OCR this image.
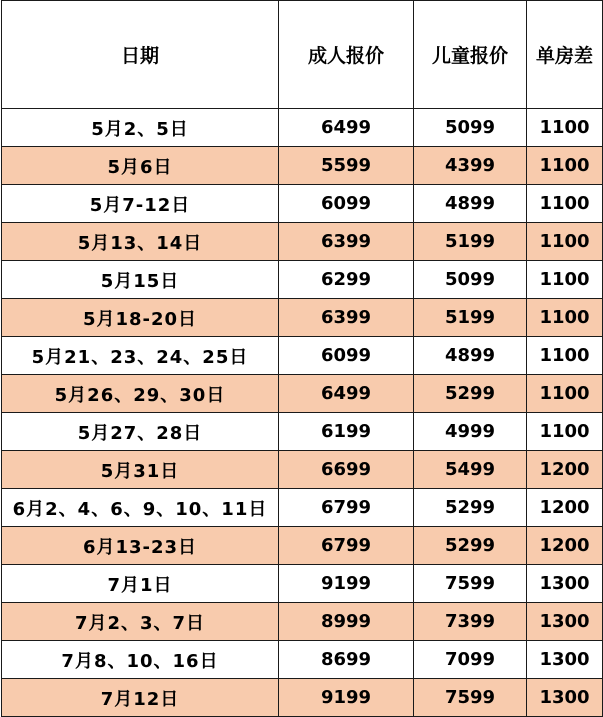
日期	成人报价	儿童报价	单房差
5月2、5日	6499	5099	1100
5月6日	5599	4399	1100
5月7-12日	6099	4899	1100
5月13、14日	6399	5199	1100
5月15日	6299	5099	1100
5月18-20日	6399	5199	1100
5月21、23、24、25日	6099	4899	1100
5月26、29、30日	6499	5299	1100
5月27、28日	6199	4999	1100
5月31日	6699	5499	1200
6月2、4、6、9、10、11日	6799	5299	1200
6月13-23日	6799	5299	1200
7月1日	9199	7599	1300
7月2、3、7日	8999	7399	1300
7月8、10、16日	8699	7099	1300
7月12日	9199	7599	1300
